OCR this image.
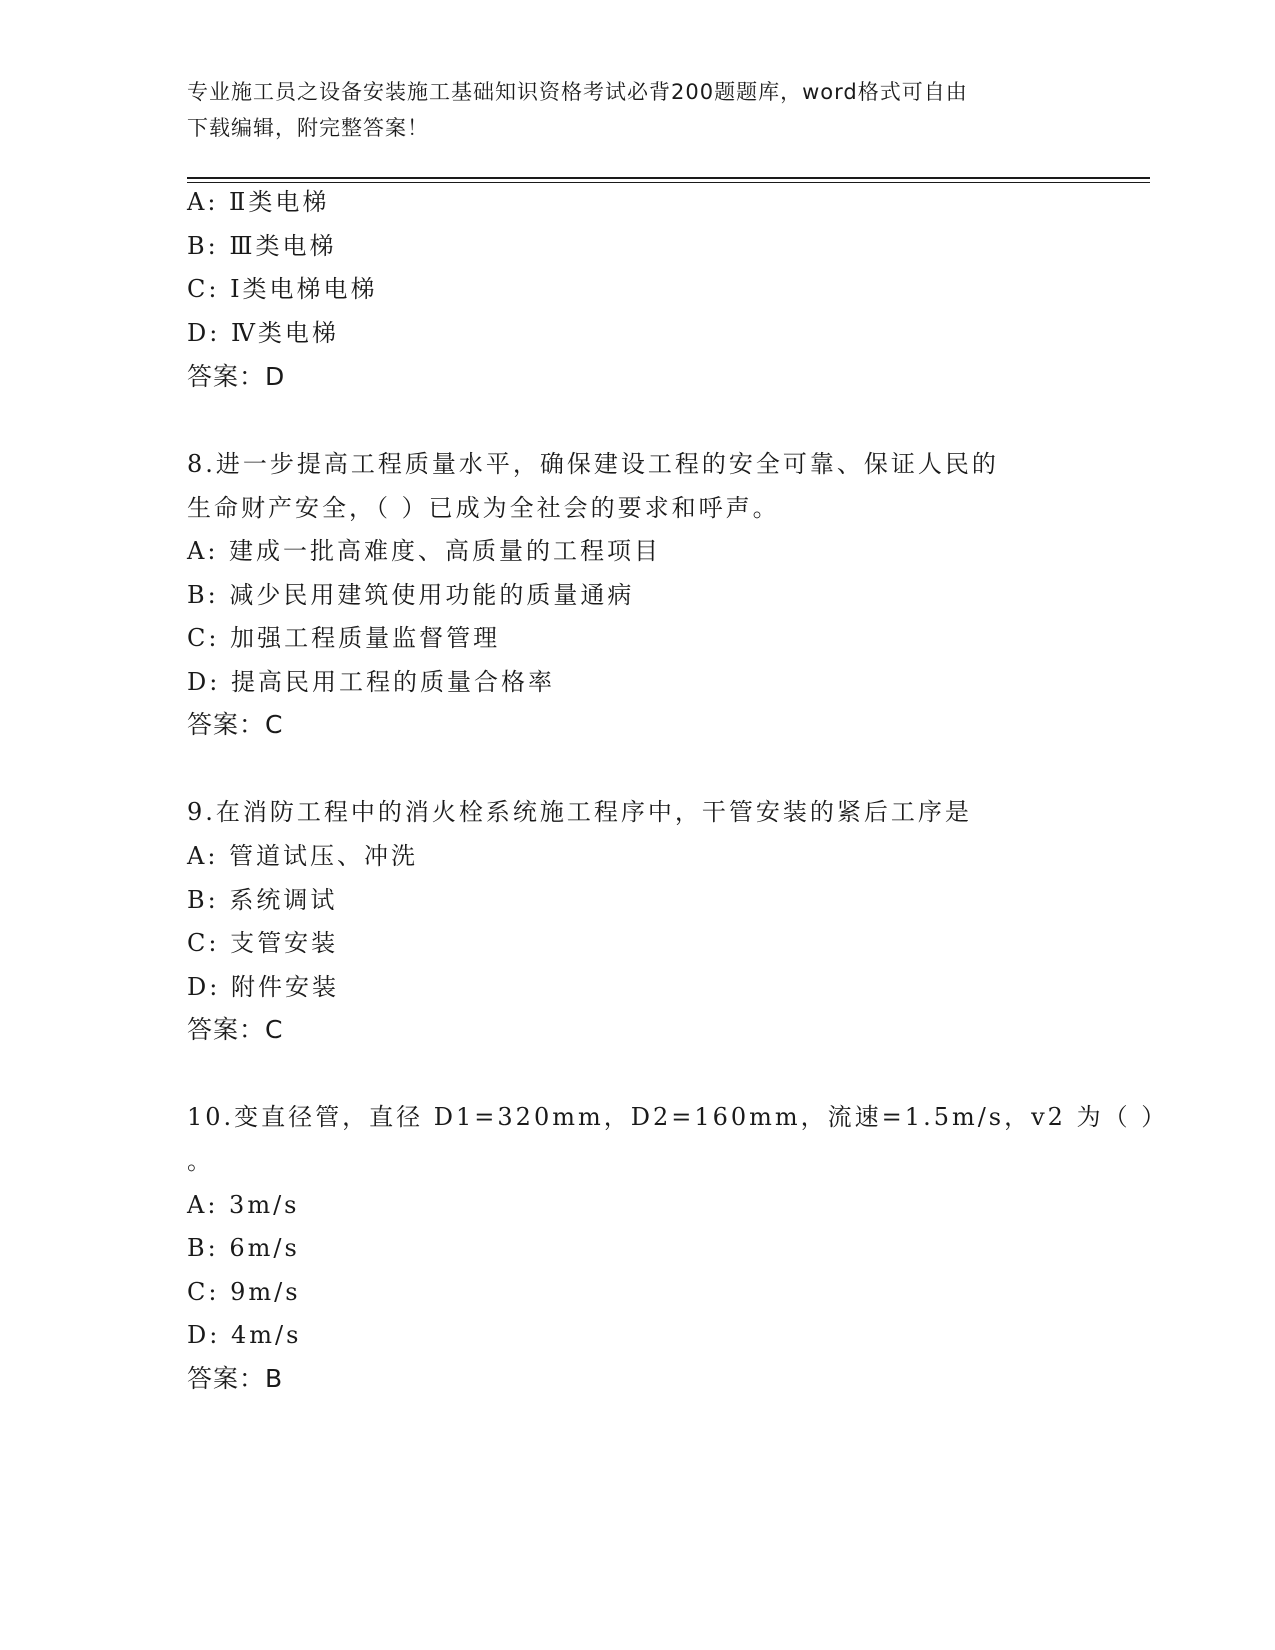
专业施工员之设备安装施工基础知识资格考试必背200题题库，word格式可自由
下载编辑，附完整答案！
A: Ⅱ类电梯
B: Ⅲ类电梯
C: Ⅰ类电梯电梯
D: Ⅳ类电梯
答案：D
8.进一步提高工程质量水平，确保建设工程的安全可靠、保证人民的
生命财产安全，（ ）已成为全社会的要求和呼声。
A: 建成一批高难度、高质量的工程项目
B: 减少民用建筑使用功能的质量通病
C: 加强工程质量监督管理
D: 提高民用工程的质量合格率
答案：C
9.在消防工程中的消火栓系统施工程序中，干管安装的紧后工序是
A: 管道试压、冲洗
B: 系统调试
C: 支管安装
D: 附件安装
答案：C
10.变直径管，直径 D1=320mm，D2=160mm，流速=1.5m/s，v2 为（ ）
。
A: 3m/s
B: 6m/s
C: 9m/s
D: 4m/s
答案：B
